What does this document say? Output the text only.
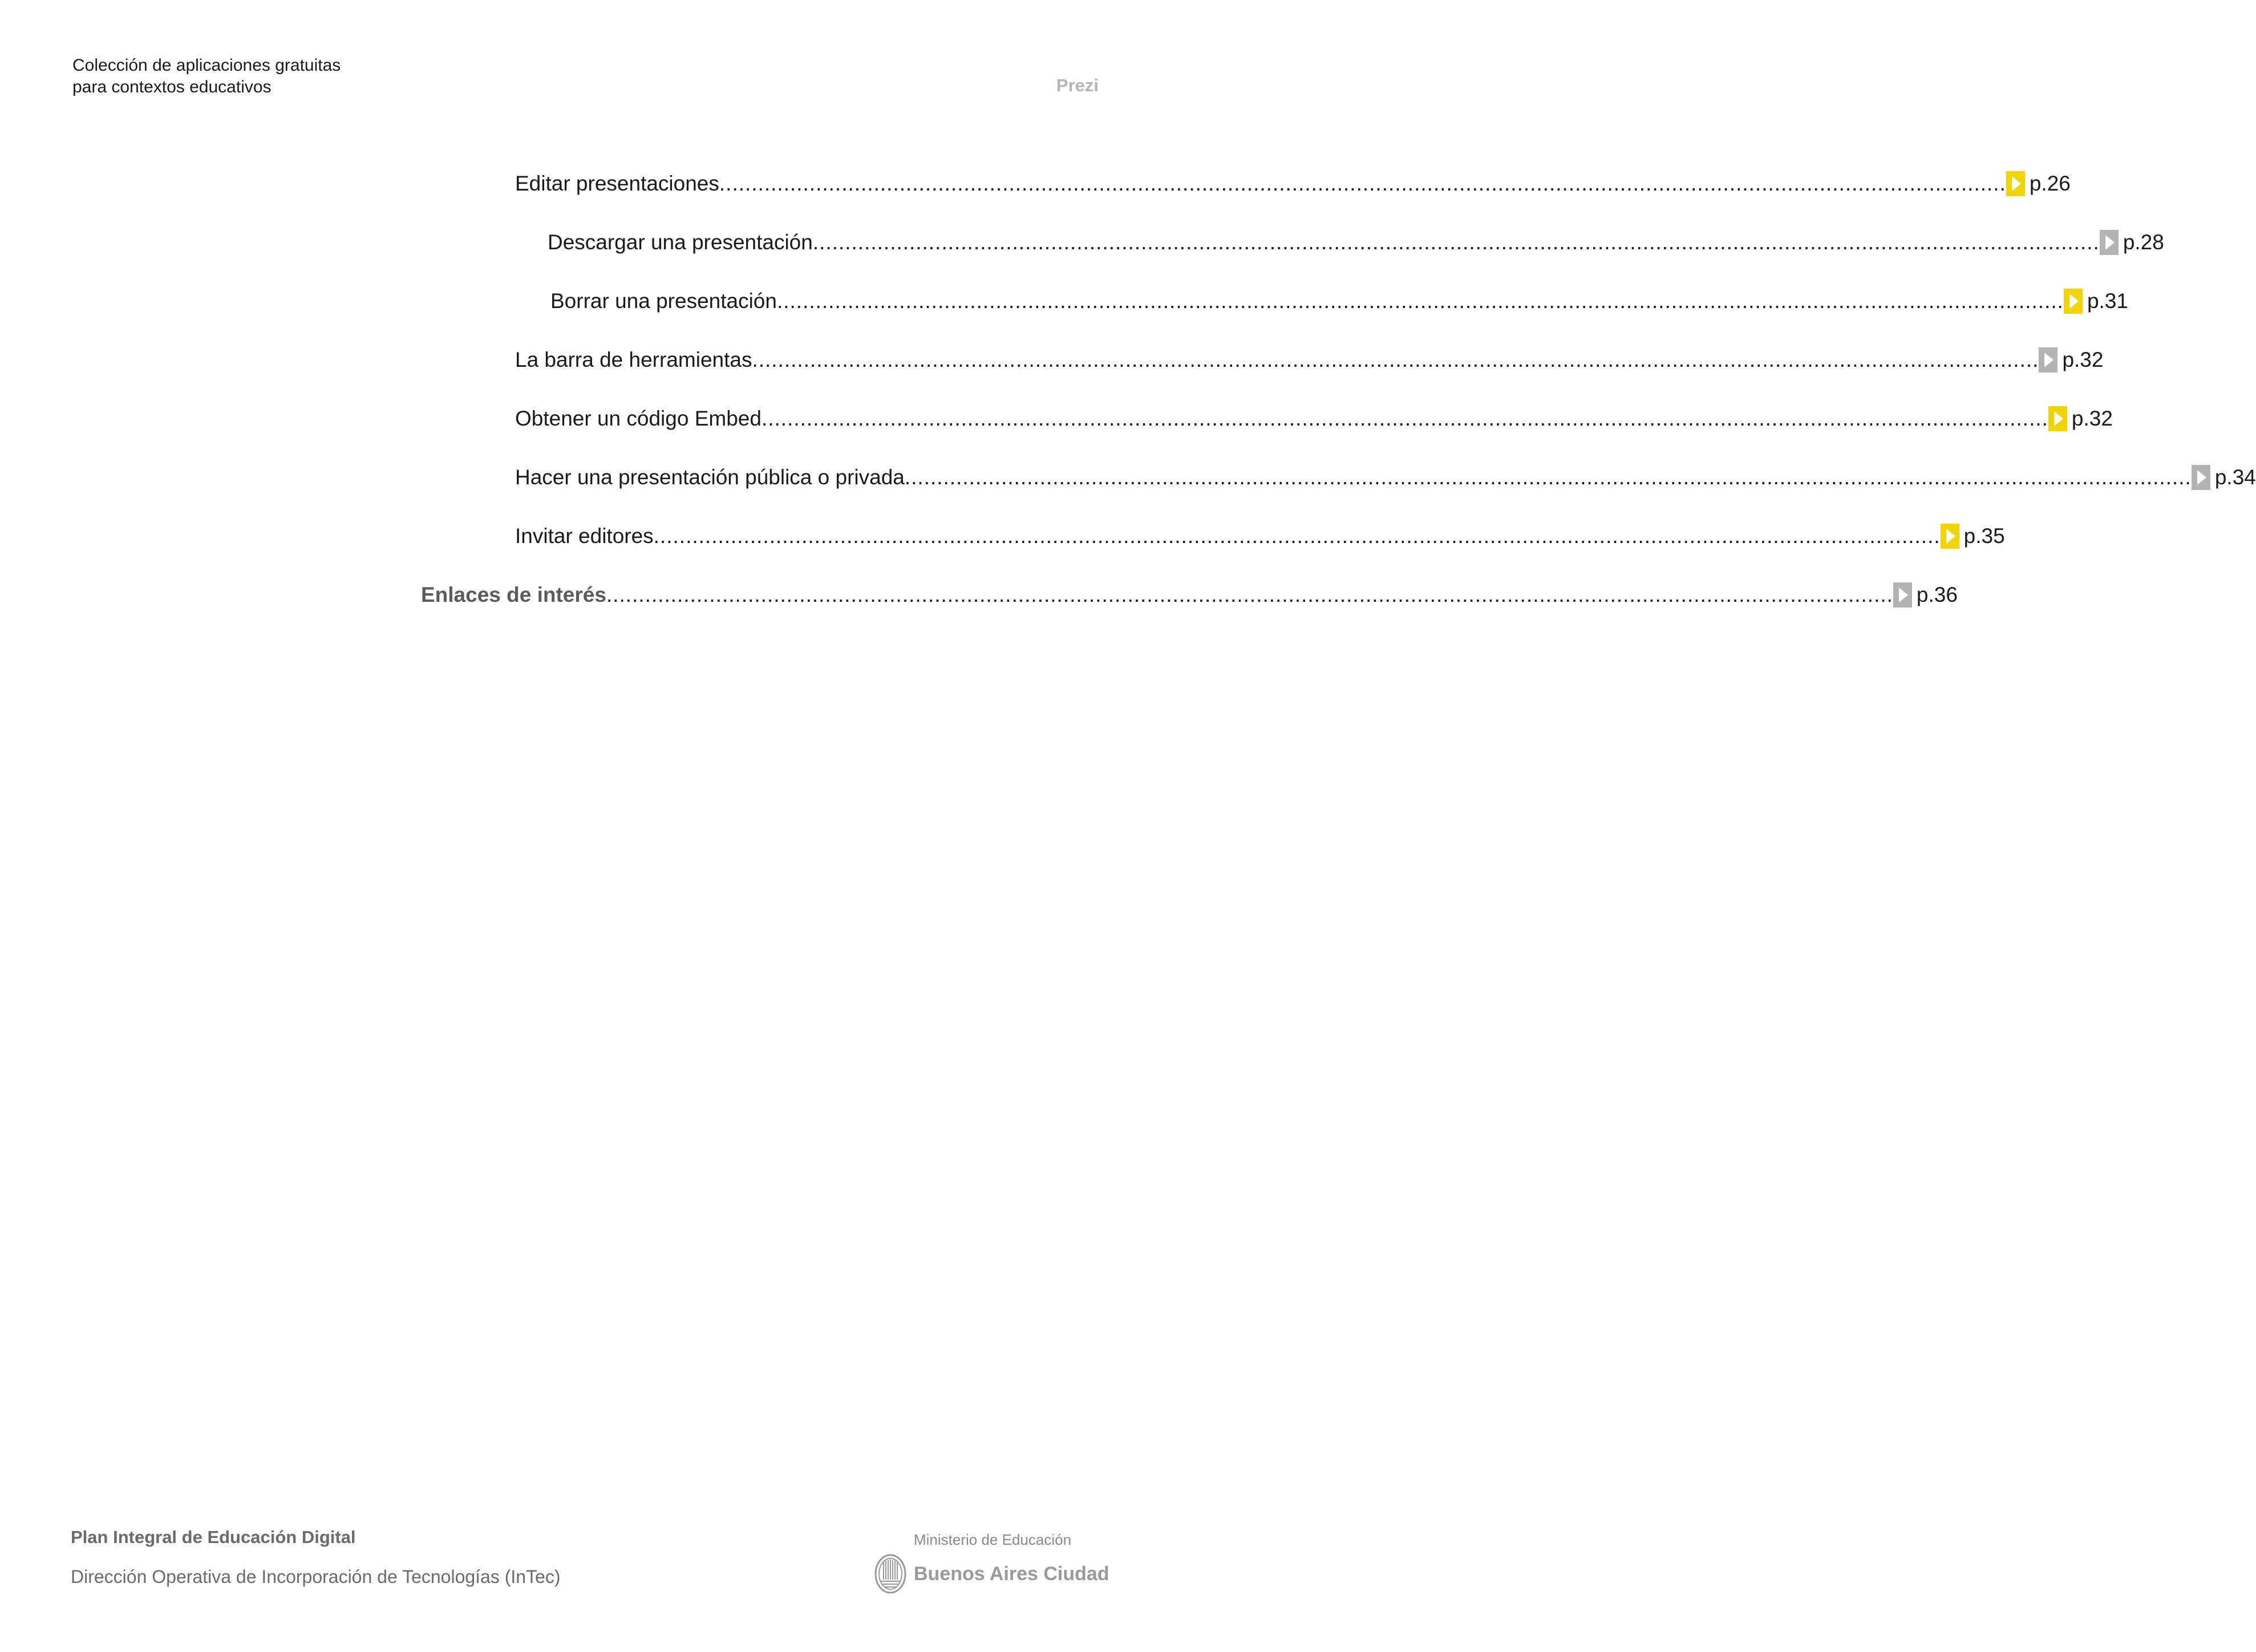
Colección de aplicaciones gratuitas
para contextos educativos	Prezi
Editar presentaciones ........................................................................................................................................................................................................ p.26
Descargar una presentación ........................................................................................................................................................................................................ p.28
Borrar una presentación ........................................................................................................................................................................................................ p.31
La barra de herramientas ........................................................................................................................................................................................................ p.32
Obtener un código Embed ........................................................................................................................................................................................................ p.32
Hacer una presentación pública o privada ........................................................................................................................................................................................................ p.34
Invitar editores ........................................................................................................................................................................................................ p.35
Enlaces de interés ........................................................................................................................................................................................................ p.36
Plan Integral de Educación Digital
Dirección Operativa de Incorporación de Tecnologías (InTec)
Ministerio de Educación
Buenos Aires Ciudad
